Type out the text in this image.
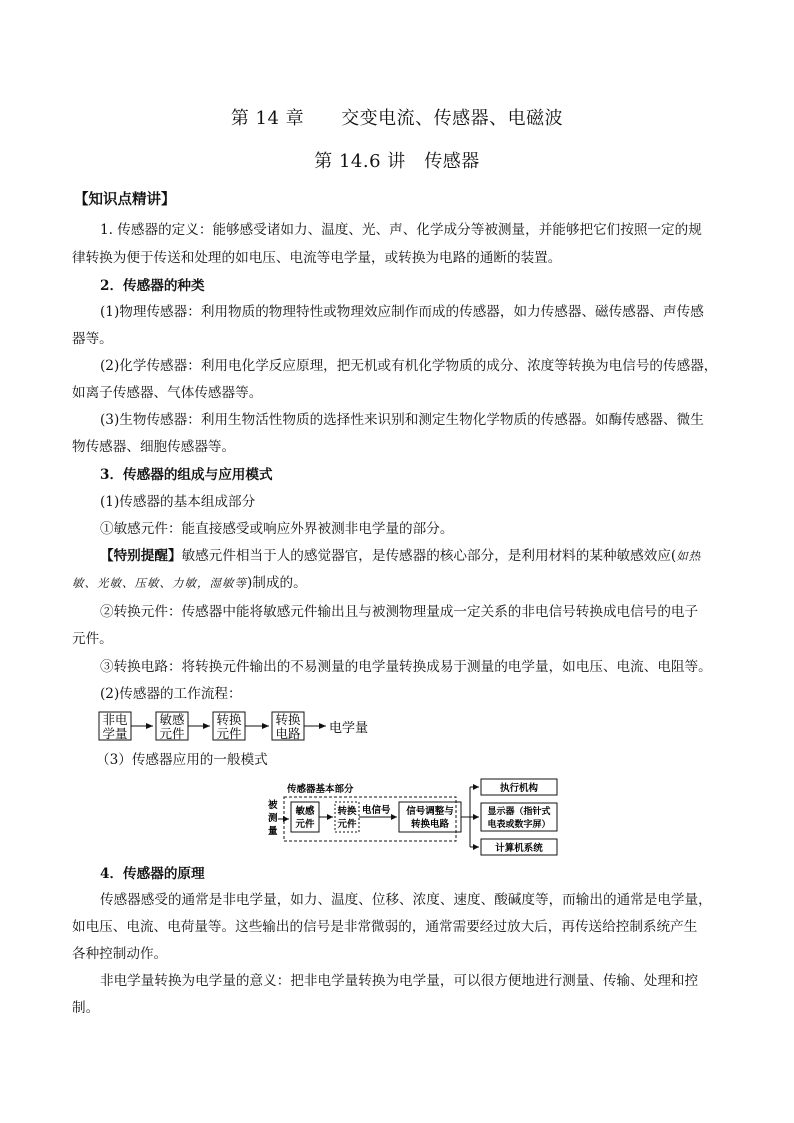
第 14 章　　交变电流、传感器、电磁波
第 14.6 讲　传感器
【知识点精讲】
1. 传感器的定义：能够感受诸如力、温度、光、声、化学成分等被测量，并能够把它们按照一定的规
律转换为便于传送和处理的如电压、电流等电学量，或转换为电路的通断的装置。
2．传感器的种类
(1)物理传感器：利用物质的物理特性或物理效应制作而成的传感器，如力传感器、磁传感器、声传感
器等。
(2)化学传感器：利用电化学反应原理，把无机或有机化学物质的成分、浓度等转换为电信号的传感器，
如离子传感器、气体传感器等。
(3)生物传感器：利用生物活性物质的选择性来识别和测定生物化学物质的传感器。如酶传感器、微生
物传感器、细胞传感器等。
3．传感器的组成与应用模式
(1)传感器的基本组成部分
①敏感元件：能直接感受或响应外界被测非电学量的部分。
【特别提醒】敏感元件相当于人的感觉器官，是传感器的核心部分，是利用材料的某种敏感效应(如热
敏、光敏、压敏、力敏，湿敏等)制成的。
②转换元件：传感器中能将敏感元件输出且与被测物理量成一定关系的非电信号转换成电信号的电子
元件。
③转换电路：将转换元件输出的不易测量的电学量转换成易于测量的电学量，如电压、电流、电阻等。
(2)传感器的工作流程：
非电
学量
敏感
元件
转换
元件
转换
电路 电学量
（3）传感器应用的一般模式
传感器基本部分
被
测
量
敏感
元件
转换
元件
电信号 信号调整与
转换电路
执行机构
显示器（指针式
电表或数字屏）
计算机系统
4．传感器的原理
传感器感受的通常是非电学量，如力、温度、位移、浓度、速度、酸碱度等，而输出的通常是电学量，
如电压、电流、电荷量等。这些输出的信号是非常微弱的，通常需要经过放大后，再传送给控制系统产生
各种控制动作。
非电学量转换为电学量的意义：把非电学量转换为电学量，可以很方便地进行测量、传输、处理和控
制。
